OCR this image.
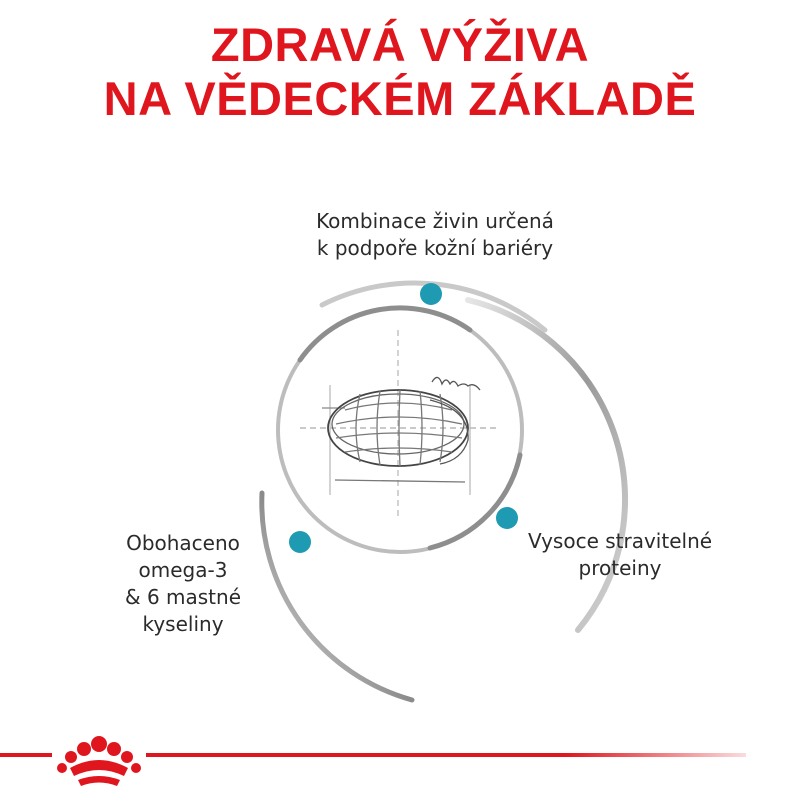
ZDRAVÁ VÝŽIVA
NA VĚDECKÉM ZÁKLADĚ
Kombinace živin určená
k podpoře kožní bariéry
Vysoce stravitelné
proteiny
Obohaceno
omega-3
& 6 mastné
kyseliny
